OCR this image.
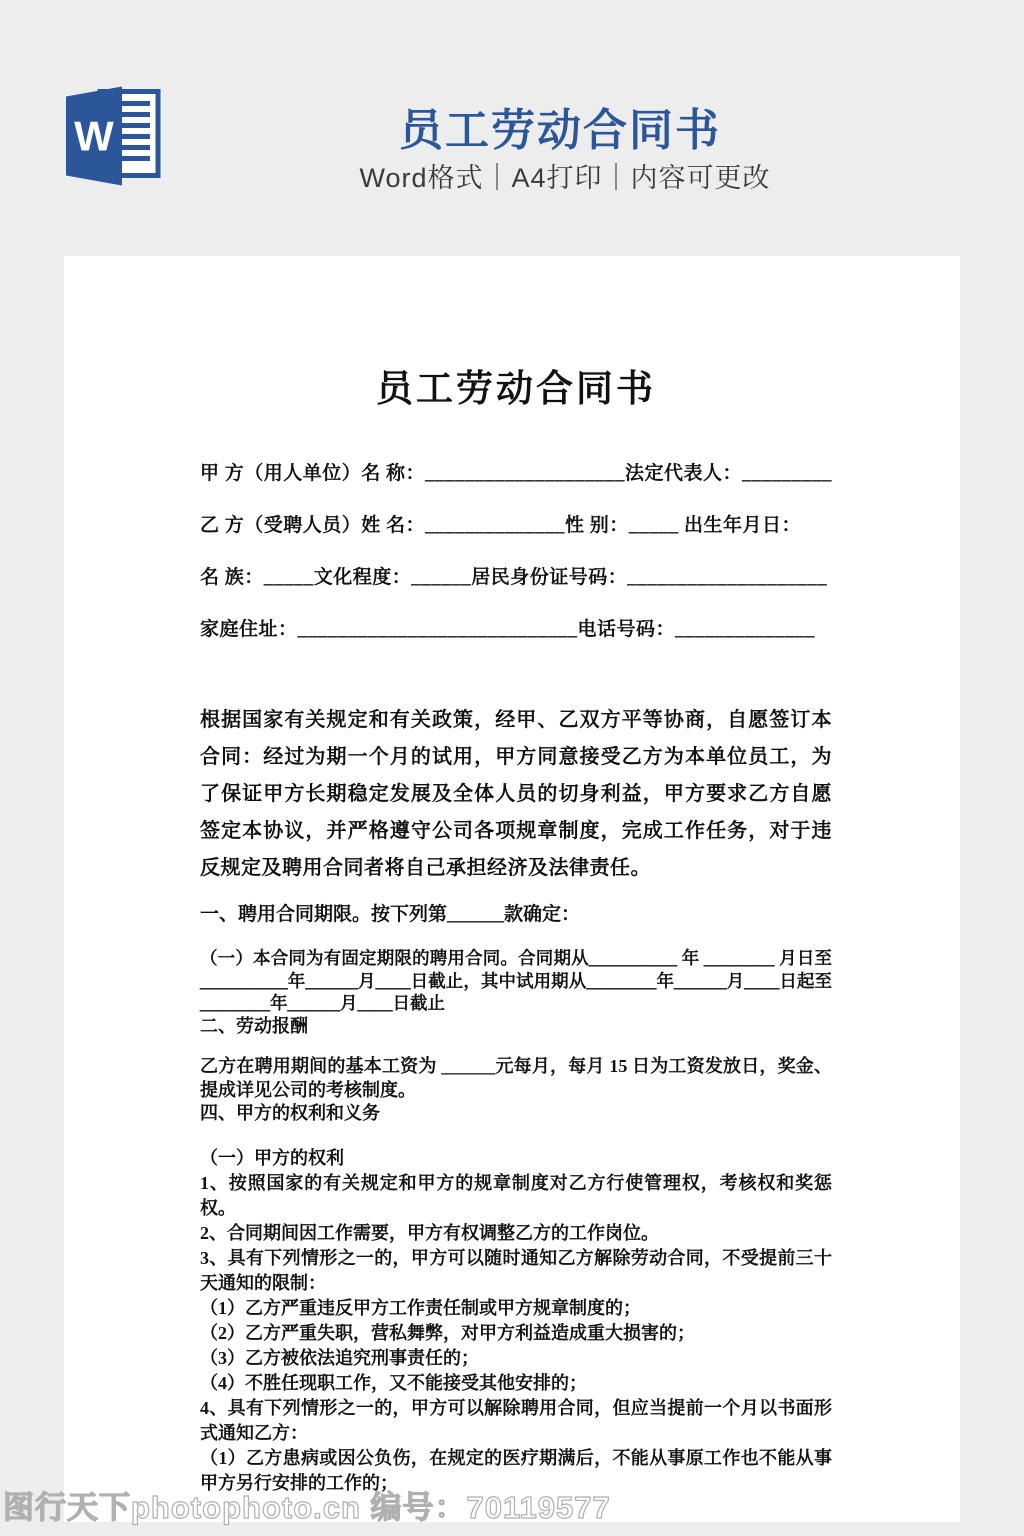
W	员工劳动合同书
Word格式｜A4打印｜内容可更改
员工劳动合同书

甲 方（用人单位）名 称：____________________法定代表人：_________

乙 方（受聘人员）姓 名：______________性 别：_____ 出生年月日：

名 族：_____文化程度：______居民身份证号码：____________________

家庭住址：____________________________电话号码：______________

根据国家有关规定和有关政策，经甲、乙双方平等协商，自愿签订本合同：经过为期一个月的试用，甲方同意接受乙方为本单位员工，为了保证甲方长期稳定发展及全体人员的切身利益，甲方要求乙方自愿签定本协议，并严格遵守公司各项规章制度，完成工作任务，对于违反规定及聘用合同者将自己承担经济及法律责任。

一、聘用合同期限。按下列第______款确定：

（一）本合同为有固定期限的聘用合同。合同期从＿＿＿＿＿ 年 ＿＿＿＿ 月日至＿＿＿＿＿年＿＿＿月＿＿日截止，其中试用期从＿＿＿＿年＿＿＿月＿＿日起至＿＿＿＿年＿＿＿月＿＿日截止

二、劳动报酬

乙方在聘用期间的基本工资为 ______元每月，每月 15 日为工资发放日，奖金、提成详见公司的考核制度。

四、甲方的权利和义务

（一）甲方的权利

1、按照国家的有关规定和甲方的规章制度对乙方行使管理权，考核权和奖惩权。

2、合同期间因工作需要，甲方有权调整乙方的工作岗位。

3、具有下列情形之一的，甲方可以随时通知乙方解除劳动合同，不受提前三十天通知的限制：

（1）乙方严重违反甲方工作责任制或甲方规章制度的；

（2）乙方严重失职，营私舞弊，对甲方利益造成重大损害的；

（3）乙方被依法追究刑事责任的；

（4）不胜任现职工作，又不能接受其他安排的；

4、具有下列情形之一的，甲方可以解除聘用合同，但应当提前一个月以书面形式通知乙方：

（1）乙方患病或因公负伤，在规定的医疗期满后，不能从事原工作也不能从事甲方另行安排的工作的；

图行天下photophoto.cn 编号：70119577
